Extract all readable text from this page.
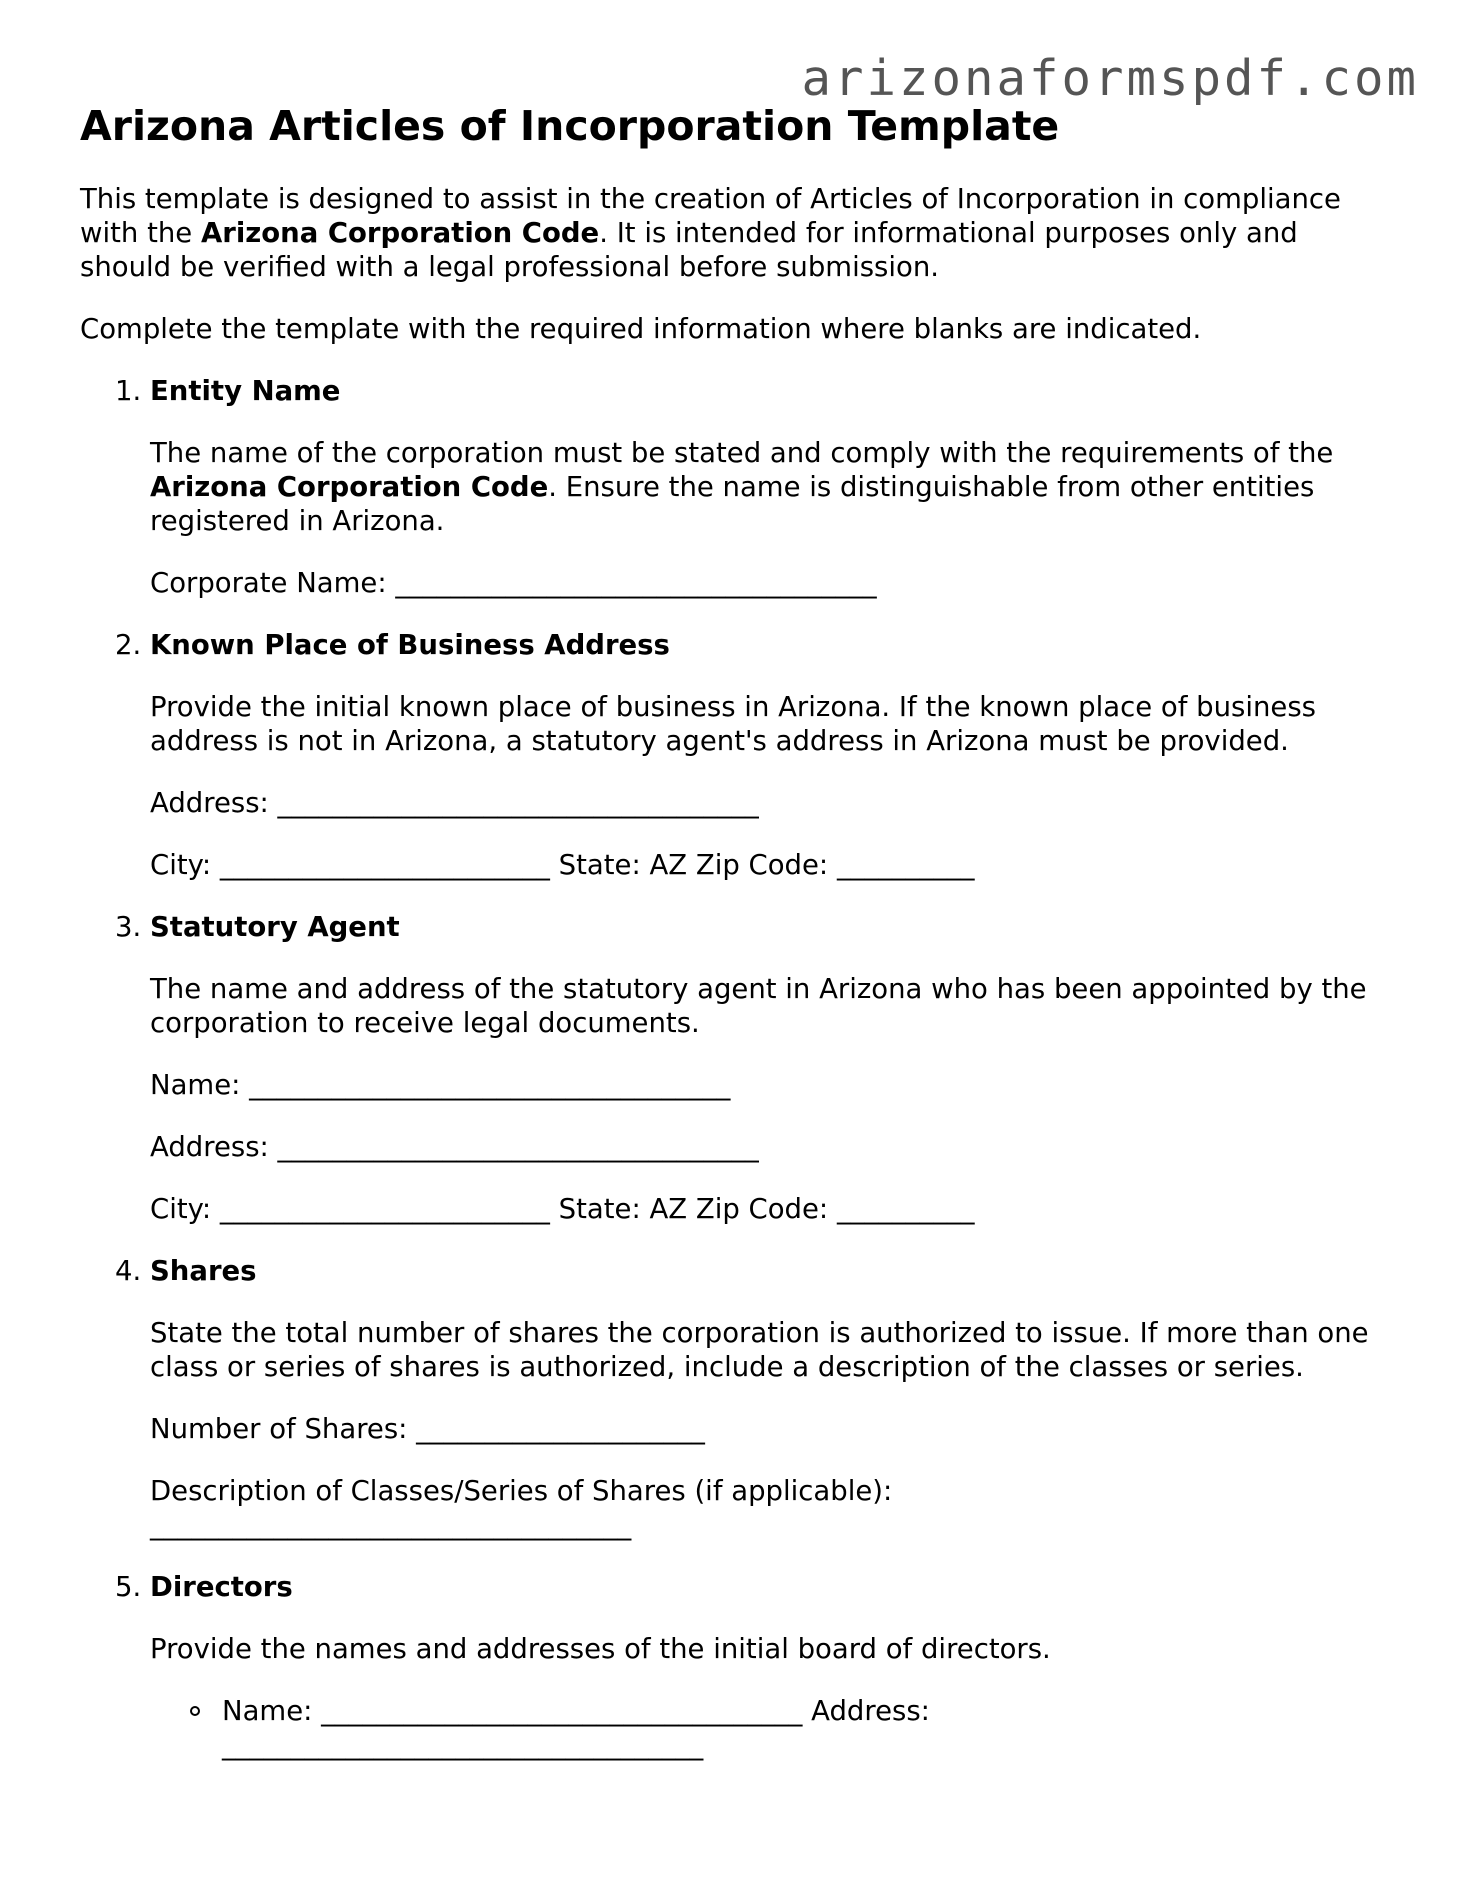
arizonaformspdf.com
Arizona Articles of Incorporation Template

This template is designed to assist in the creation of Articles of Incorporation in compliance with the Arizona Corporation Code. It is intended for informational purposes only and should be verified with a legal professional before submission.

Complete the template with the required information where blanks are indicated.

1. Entity Name

The name of the corporation must be stated and comply with the requirements of the Arizona Corporation Code. Ensure the name is distinguishable from other entities registered in Arizona.

Corporate Name: ___________________________________

2. Known Place of Business Address

Provide the initial known place of business in Arizona. If the known place of business address is not in Arizona, a statutory agent's address in Arizona must be provided.

Address: ___________________________________

City: ________________________ State: AZ Zip Code: __________

3. Statutory Agent

The name and address of the statutory agent in Arizona who has been appointed by the corporation to receive legal documents.

Name: ___________________________________

Address: ___________________________________

City: ________________________ State: AZ Zip Code: __________

4. Shares

State the total number of shares the corporation is authorized to issue. If more than one class or series of shares is authorized, include a description of the classes or series.

Number of Shares: _____________________

Description of Classes/Series of Shares (if applicable):
___________________________________

5. Directors

Provide the names and addresses of the initial board of directors.

Name: ___________________________________ Address:
___________________________________
